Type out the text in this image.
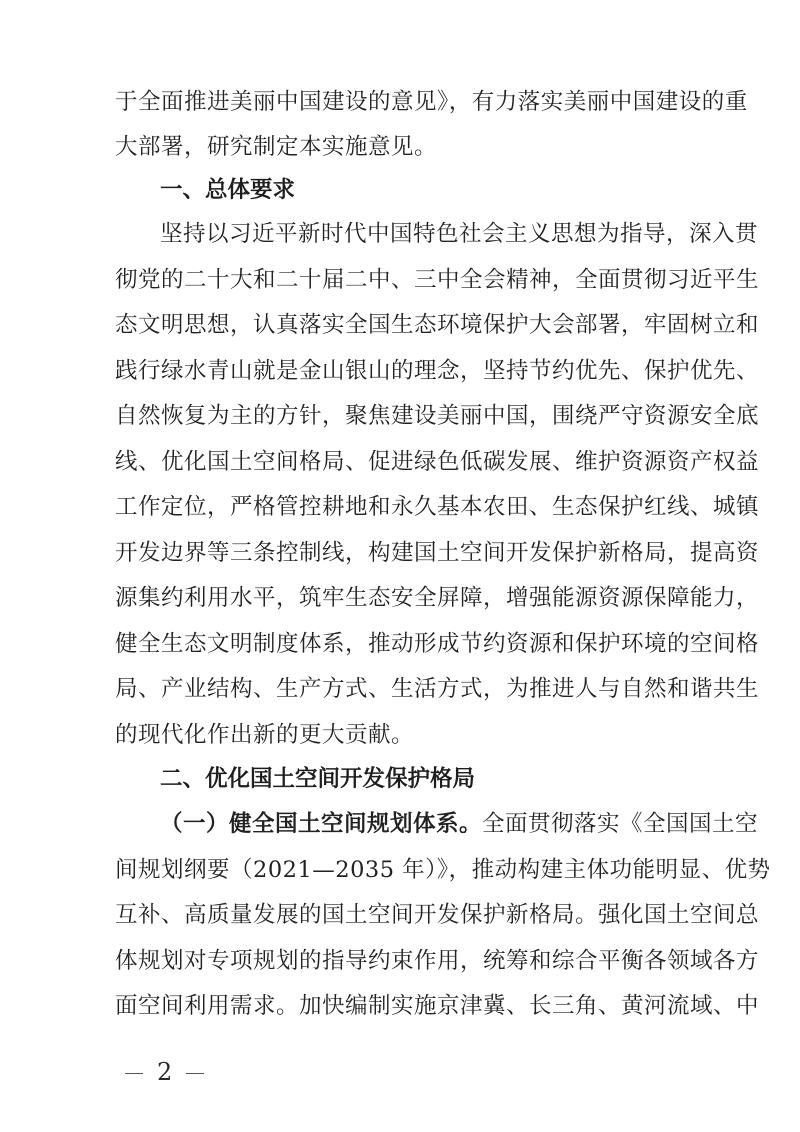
于全面推进美丽中国建设的意见》，有力落实美丽中国建设的重
大部署，研究制定本实施意见。
一、总体要求
坚持以习近平新时代中国特色社会主义思想为指导，深入贯
彻党的二十大和二十届二中、三中全会精神，全面贯彻习近平生
态文明思想，认真落实全国生态环境保护大会部署，牢固树立和
践行绿水青山就是金山银山的理念，坚持节约优先、保护优先、
自然恢复为主的方针，聚焦建设美丽中国，围绕严守资源安全底
线、优化国土空间格局、促进绿色低碳发展、维护资源资产权益
工作定位，严格管控耕地和永久基本农田、生态保护红线、城镇
开发边界等三条控制线，构建国土空间开发保护新格局，提高资
源集约利用水平，筑牢生态安全屏障，增强能源资源保障能力，
健全生态文明制度体系，推动形成节约资源和保护环境的空间格
局、产业结构、生产方式、生活方式，为推进人与自然和谐共生
的现代化作出新的更大贡献。
二、优化国土空间开发保护格局
（一）健全国土空间规划体系。全面贯彻落实《全国国土空
间规划纲要（2021—2035 年）》，推动构建主体功能明显、优势
互补、高质量发展的国土空间开发保护新格局。强化国土空间总
体规划对专项规划的指导约束作用，统筹和综合平衡各领域各方
面空间利用需求。加快编制实施京津冀、长三角、黄河流域、中
2
